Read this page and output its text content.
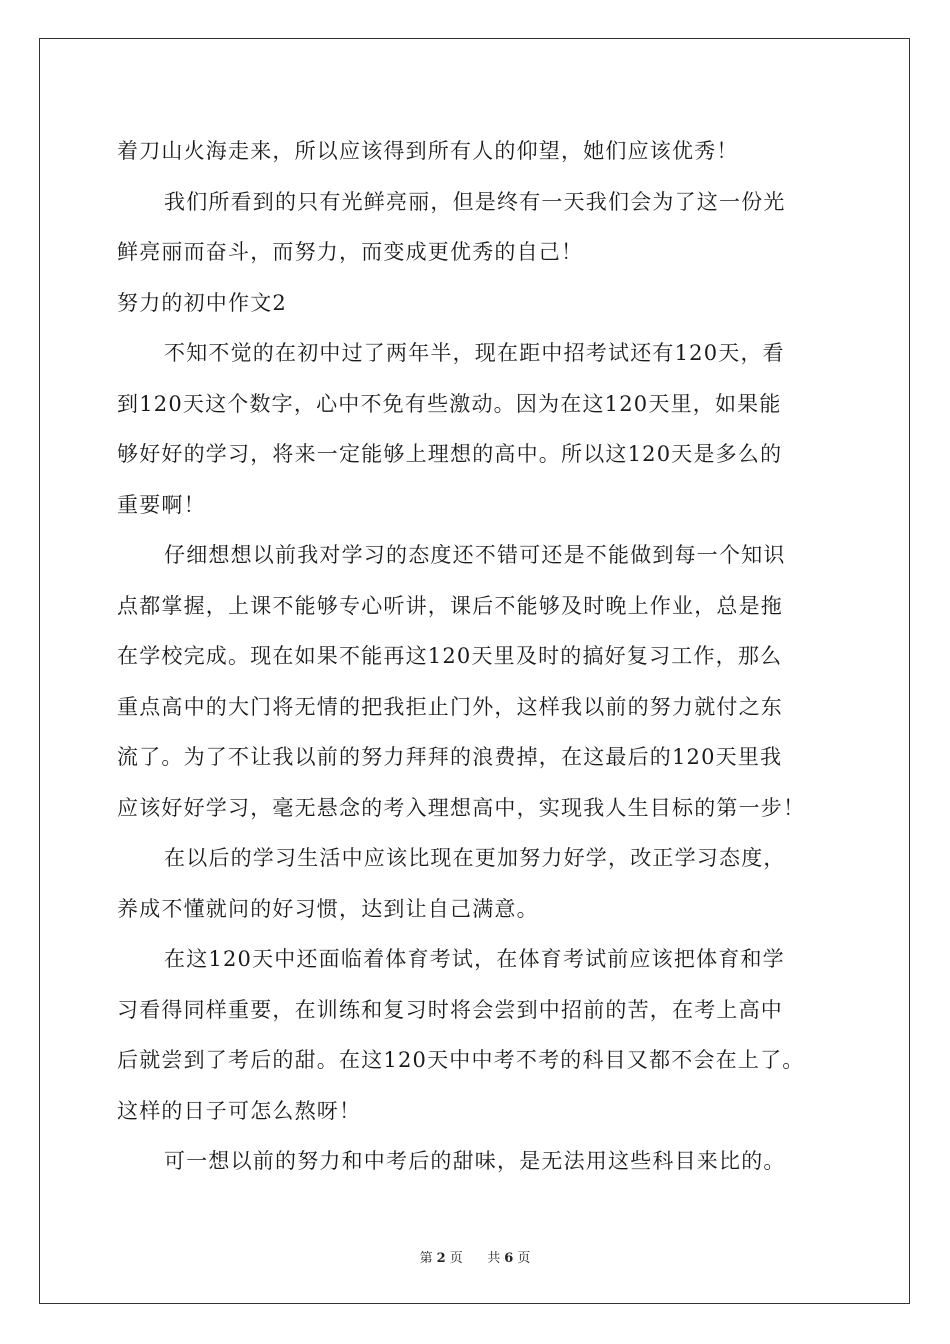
着刀山火海走来，所以应该得到所有人的仰望，她们应该优秀！
我们所看到的只有光鲜亮丽，但是终有一天我们会为了这一份光
鲜亮丽而奋斗，而努力，而变成更优秀的自己！
努力的初中作文2
不知不觉的在初中过了两年半，现在距中招考试还有120天，看
到120天这个数字，心中不免有些激动。因为在这120天里，如果能
够好好的学习，将来一定能够上理想的高中。所以这120天是多么的
重要啊！
仔细想想以前我对学习的态度还不错可还是不能做到每一个知识
点都掌握，上课不能够专心听讲，课后不能够及时晚上作业，总是拖
在学校完成。现在如果不能再这120天里及时的搞好复习工作，那么
重点高中的大门将无情的把我拒止门外，这样我以前的努力就付之东
流了。为了不让我以前的努力拜拜的浪费掉，在这最后的120天里我
应该好好学习，毫无悬念的考入理想高中，实现我人生目标的第一步！
在以后的学习生活中应该比现在更加努力好学，改正学习态度，
养成不懂就问的好习惯，达到让自己满意。
在这120天中还面临着体育考试，在体育考试前应该把体育和学
习看得同样重要，在训练和复习时将会尝到中招前的苦，在考上高中
后就尝到了考后的甜。在这120天中中考不考的科目又都不会在上了。
这样的日子可怎么熬呀！
可一想以前的努力和中考后的甜味，是无法用这些科目来比的。
第 2 页 共 6 页
